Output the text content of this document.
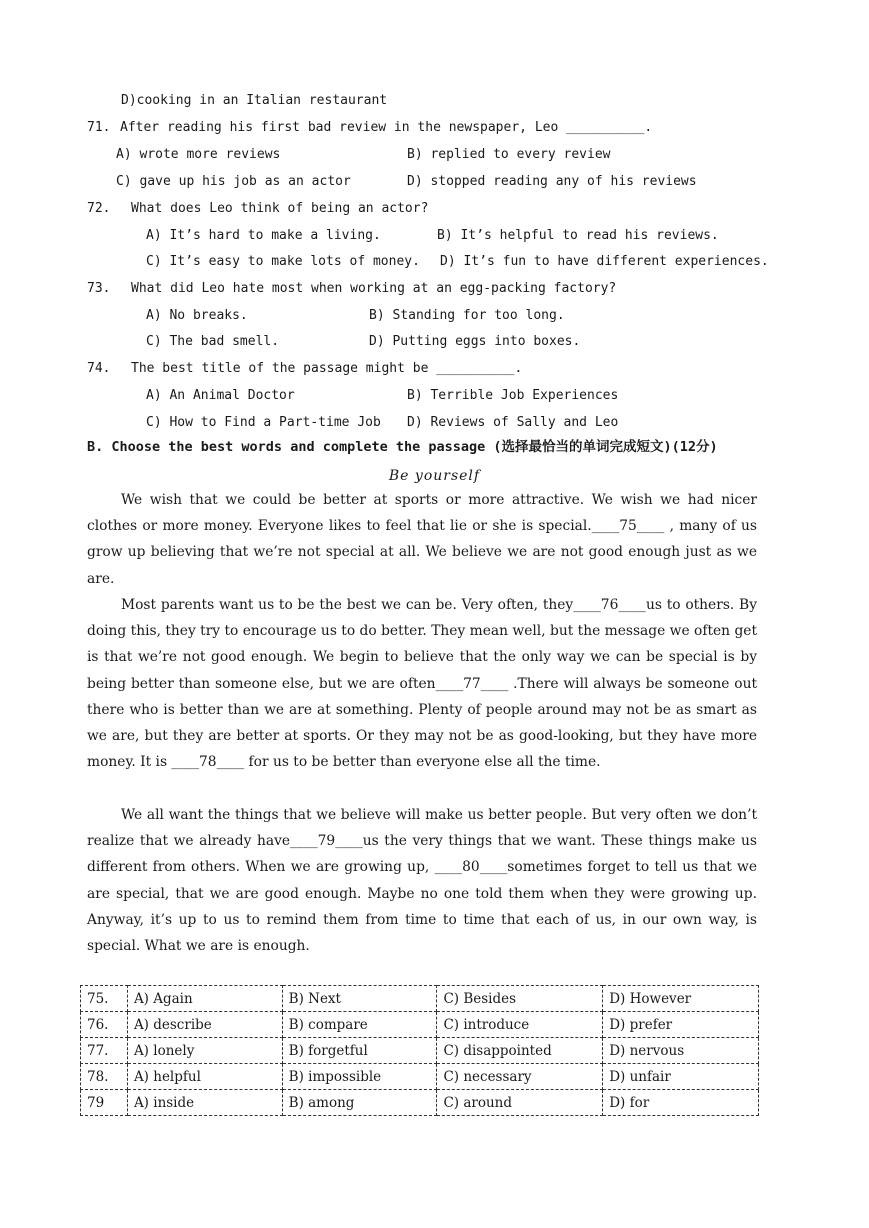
D)cooking in an Italian restaurant
71. After reading his first bad review in the newspaper, Leo __________.
A) wrote more reviews	B) replied to every review
C) gave up his job as an actor	D) stopped reading any of his reviews
72. What does Leo think of being an actor?
A) It’s hard to make a living.	B) It’s helpful to read his reviews.
C) It’s easy to make lots of money. D) It’s fun to have different experiences.
73. What did Leo hate most when working at an egg-packing factory?
A) No breaks.	B) Standing for too long.
C) The bad smell.	D) Putting eggs into boxes.
74. The best title of the passage might be __________.
A) An Animal Doctor	B) Terrible Job Experiences
C) How to Find a Part-time Job D) Reviews of Sally and Leo
B. Choose the best words and complete the passage (选择最恰当的单词完成短文)(12分)
Be yourself
We wish that we could be better at sports or more attractive. We wish we had nicer clothes or more money. Everyone likes to feel that lie or she is special.____75____ , many of us grow up believing that we’re not special at all. We believe we are not good enough just as we are.
Most parents want us to be the best we can be. Very often, they____76____us to others. By doing this, they try to encourage us to do better. They mean well, but the message we often get is that we’re not good enough. We begin to believe that the only way we can be special is by being better than someone else, but we are often____77____ .There will always be someone out there who is better than we are at something. Plenty of people around may not be as smart as we are, but they are better at sports. Or they may not be as good-looking, but they have more money. It is ____78____ for us to be better than everyone else all the time.
We all want the things that we believe will make us better people. But very often we don’t realize that we already have____79____us the very things that we want. These things make us different from others. When we are growing up, ____80____sometimes forget to tell us that we are special, that we are good enough. Maybe no one told them when they were growing up. Anyway, it’s up to us to remind them from time to time that each of us, in our own way, is special. What we are is enough.
75.	A) Again	B) Next	C) Besides	D) However
76.	A) describe	B) compare	C) introduce	D) prefer
77.	A) lonely	B) forgetful	C) disappointed	D) nervous
78.	A) helpful	B) impossible	C) necessary	D) unfair
79	A) inside	B) among	C) around	D) for
